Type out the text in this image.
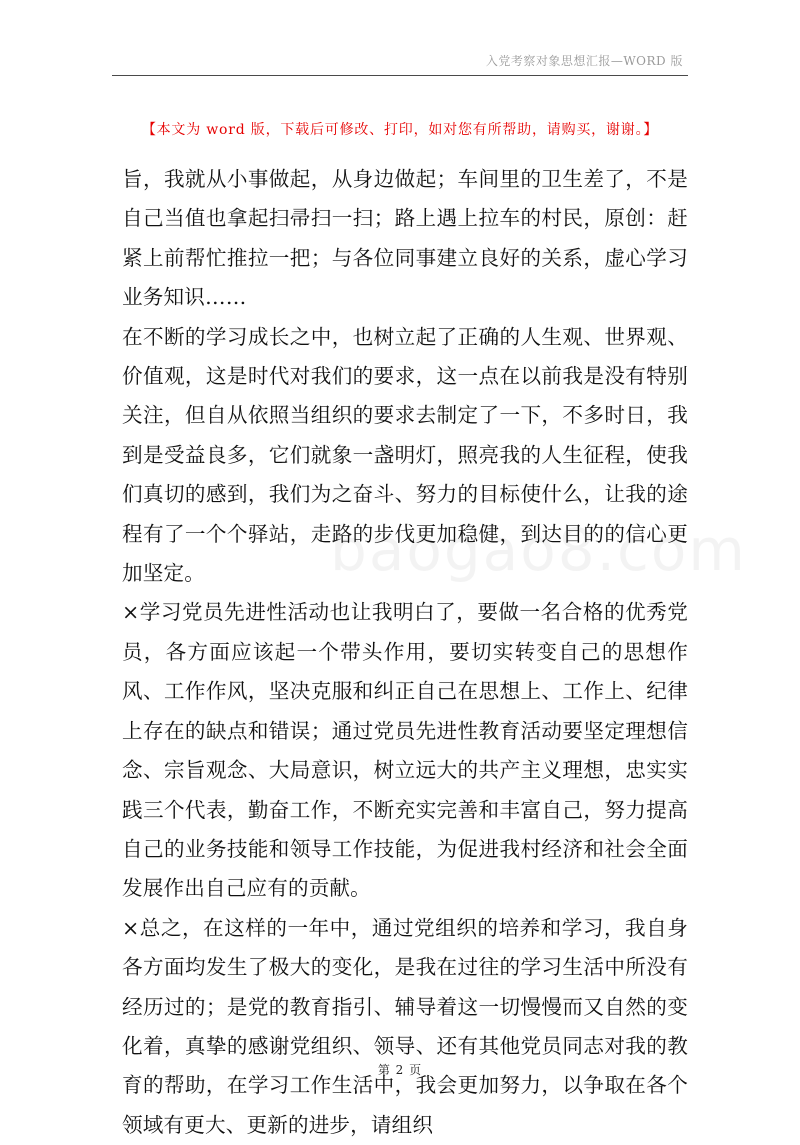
入党考察对象思想汇报—WORD 版
【本文为 word 版，下载后可修改、打印，如对您有所帮助，请购买，谢谢。】

旨，我就从小事做起，从身边做起；车间里的卫生差了，不是自己当值也拿起扫帚扫一扫；路上遇上拉车的村民，原创：赶紧上前帮忙推拉一把；与各位同事建立良好的关系，虚心学习业务知识……

在不断的学习成长之中，也树立起了正确的人生观、世界观、价值观，这是时代对我们的要求，这一点在以前我是没有特别关注，但自从依照当组织的要求去制定了一下，不多时日，我到是受益良多，它们就象一盏明灯，照亮我的人生征程，使我们真切的感到，我们为之奋斗、努力的目标使什么，让我的途程有了一个个驿站，走路的步伐更加稳健，到达目的的信心更加坚定。

×学习党员先进性活动也让我明白了，要做一名合格的优秀党员，各方面应该起一个带头作用，要切实转变自己的思想作风、工作作风，坚决克服和纠正自己在思想上、工作上、纪律上存在的缺点和错误；通过党员先进性教育活动要坚定理想信念、宗旨观念、大局意识，树立远大的共产主义理想，忠实实践三个代表，勤奋工作，不断充实完善和丰富自己，努力提高自己的业务技能和领导工作技能，为促进我村经济和社会全面发展作出自己应有的贡献。

×总之，在这样的一年中，通过党组织的培养和学习，我自身各方面均发生了极大的变化，是我在过往的学习生活中所没有经历过的；是党的教育指引、辅导着这一切慢慢而又自然的变化着，真挚的感谢党组织、领导、还有其他党员同志对我的教育的帮助，在学习工作生活中，我会更加努力，以争取在各个领域有更大、更新的进步，请组织

第 2 页
